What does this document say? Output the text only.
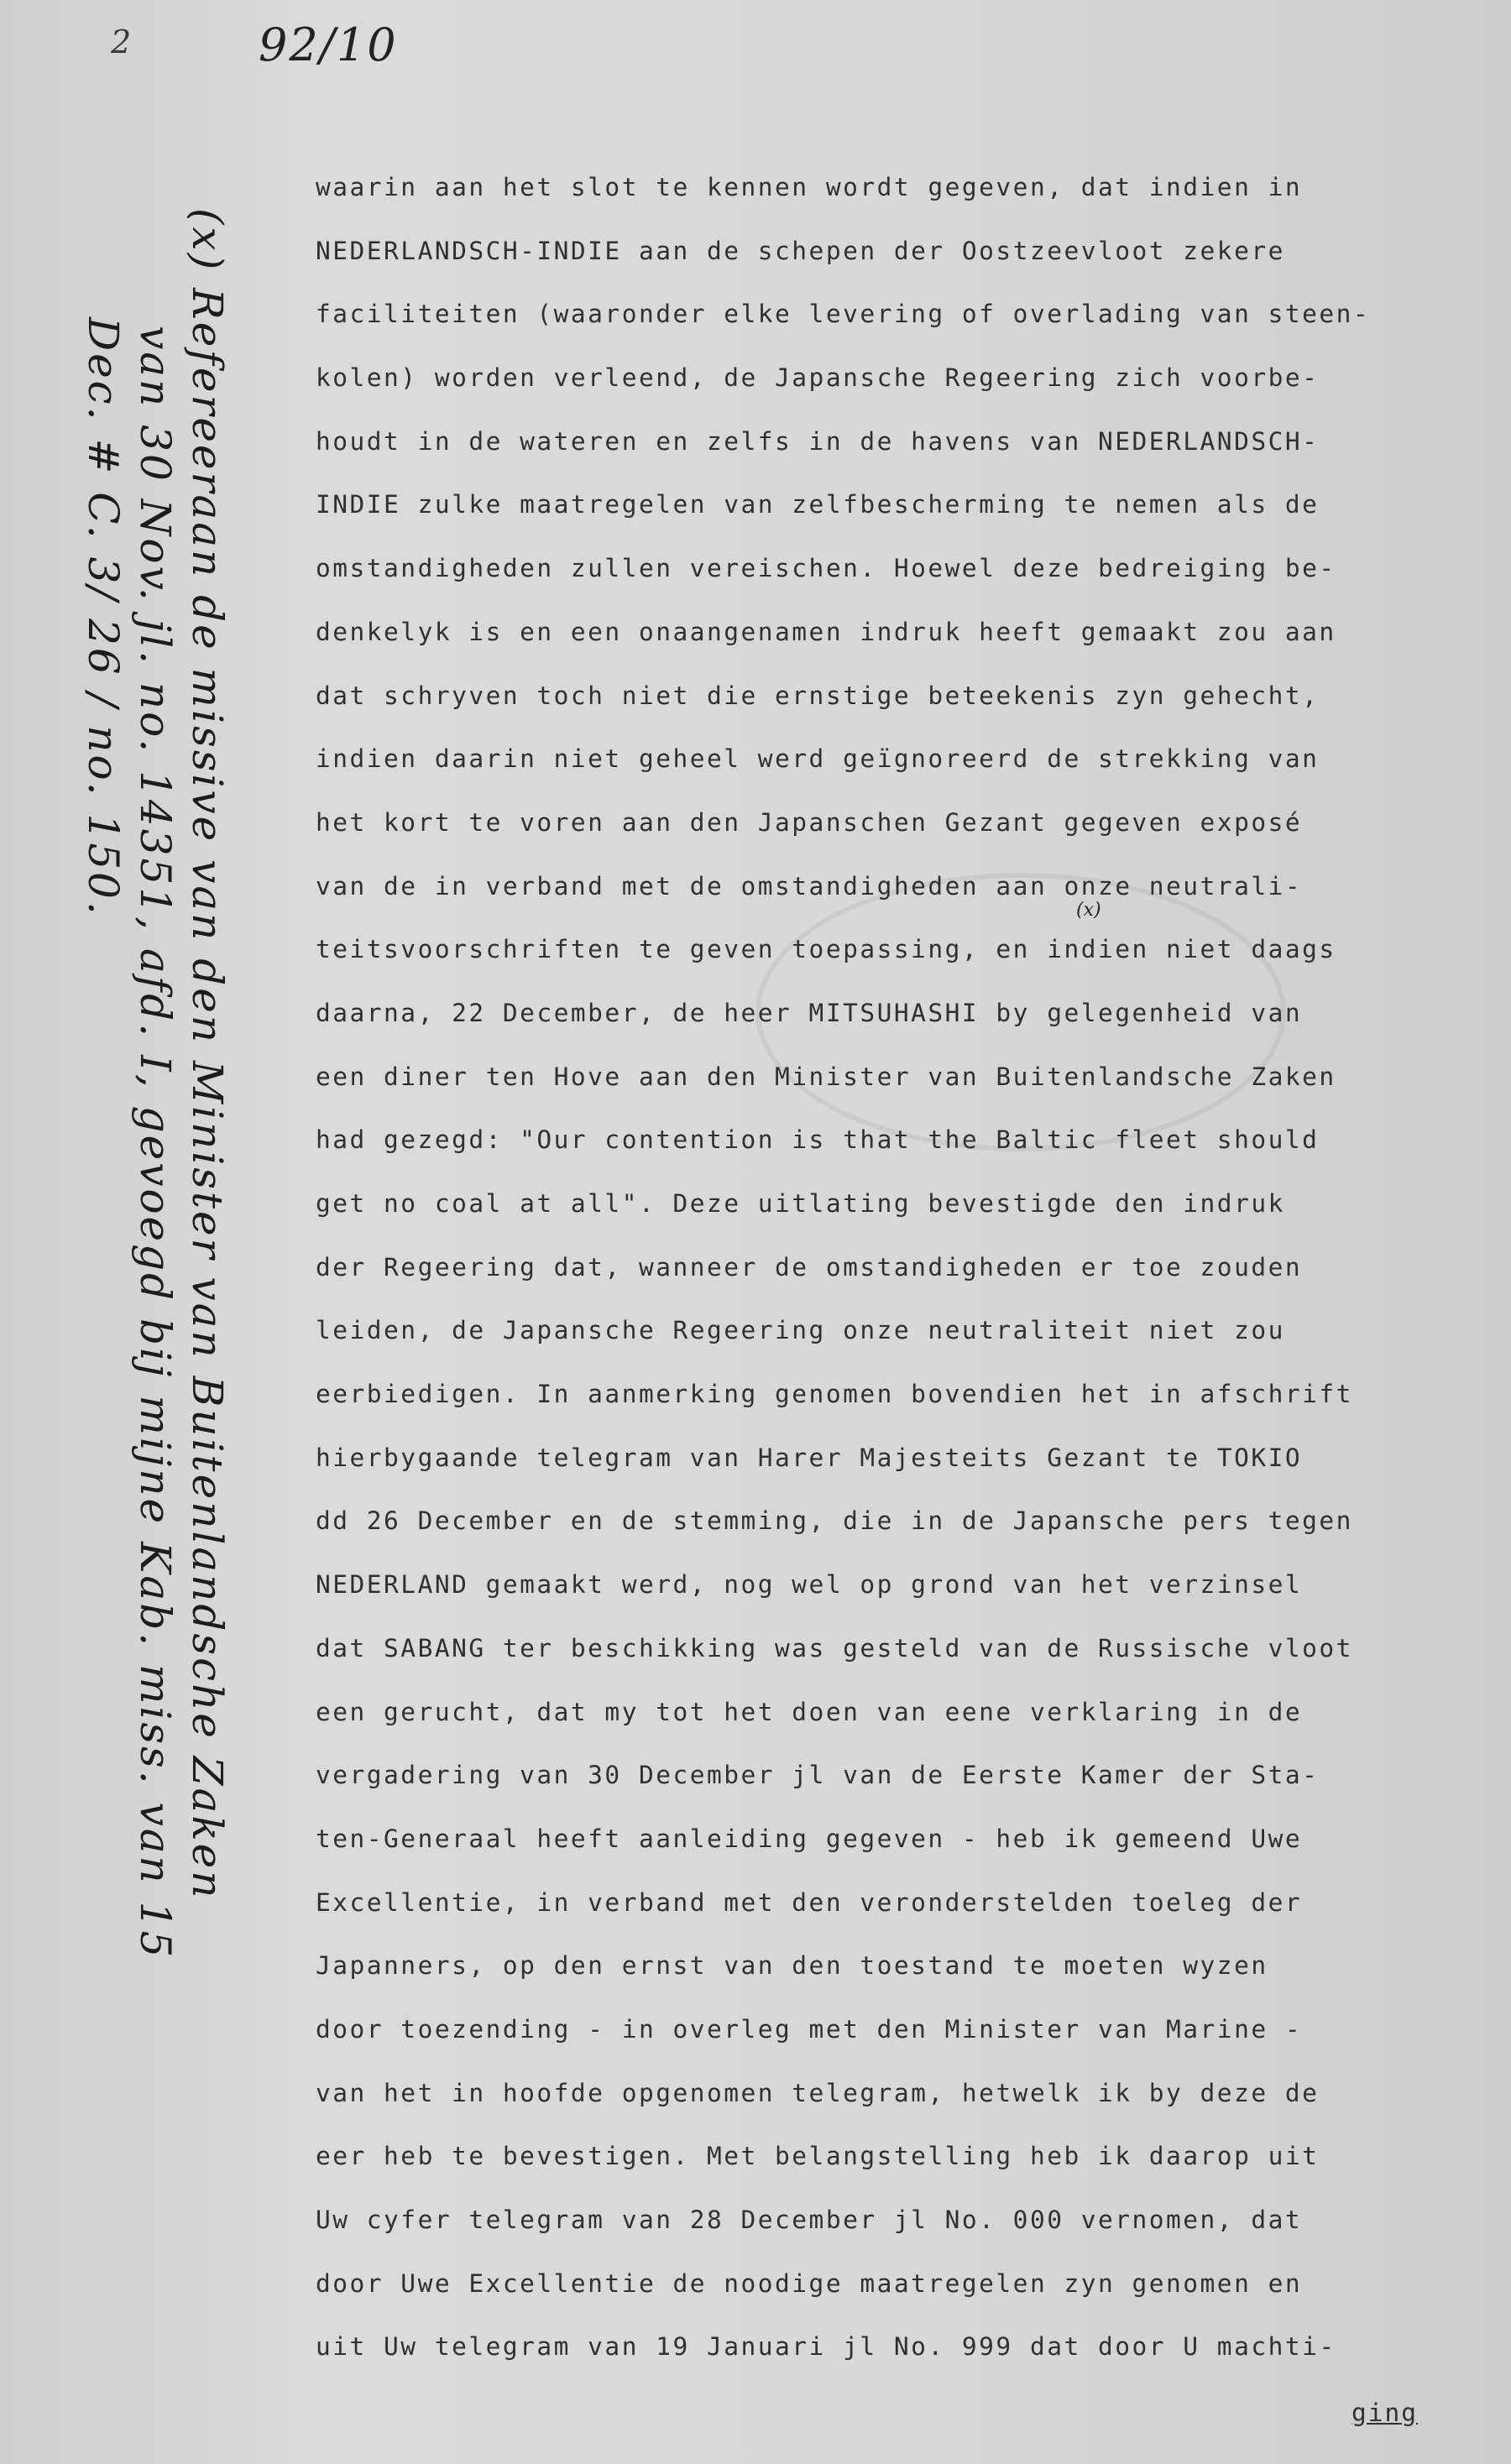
2	92/10
(x) Refereeraan de missive van den Minister van Buitenlandsche Zaken
van 30 Nov. jl. no. 14351, afd. I, gevoegd bij mijne Kab. miss. van 15
Dec. # C. 3/ 26 / no. 150.
waarin aan het slot te kennen wordt gegeven, dat indien in
NEDERLANDSCH-INDIE aan de schepen der Oostzeevloot zekere
faciliteiten (waaronder elke levering of overlading van steen-
kolen) worden verleend, de Japansche Regeering zich voorbe-
houdt in de wateren en zelfs in de havens van NEDERLANDSCH-
INDIE zulke maatregelen van zelfbescherming te nemen als de
omstandigheden zullen vereischen. Hoewel deze bedreiging be-
denkelyk is en een onaangenamen indruk heeft gemaakt zou aan
dat schryven toch niet die ernstige beteekenis zyn gehecht,
indien daarin niet geheel werd geïgnoreerd de strekking van
het kort te voren aan den Japanschen Gezant gegeven exposé
van de in verband met de omstandigheden aan onze neutrali-
teitsvoorschriften te geven toepassing, en indien niet daags
daarna, 22 December, de heer MITSUHASHI by gelegenheid van
een diner ten Hove aan den Minister van Buitenlandsche Zaken
had gezegd: "Our contention is that the Baltic fleet should
get no coal at all". Deze uitlating bevestigde den indruk
der Regeering dat, wanneer de omstandigheden er toe zouden
leiden, de Japansche Regeering onze neutraliteit niet zou
eerbiedigen. In aanmerking genomen bovendien het in afschrift
hierbygaande telegram van Harer Majesteits Gezant te TOKIO
dd 26 December en de stemming, die in de Japansche pers tegen
NEDERLAND gemaakt werd, nog wel op grond van het verzinsel
dat SABANG ter beschikking was gesteld van de Russische vloot
een gerucht, dat my tot het doen van eene verklaring in de
vergadering van 30 December jl van de Eerste Kamer der Sta-
ten-Generaal heeft aanleiding gegeven - heb ik gemeend Uwe
Excellentie, in verband met den veronderstelden toeleg der
Japanners, op den ernst van den toestand te moeten wyzen
door toezending - in overleg met den Minister van Marine -
van het in hoofde opgenomen telegram, hetwelk ik by deze de
eer heb te bevestigen. Met belangstelling heb ik daarop uit
Uw cyfer telegram van 28 December jl No. 000 vernomen, dat
door Uwe Excellentie de noodige maatregelen zyn genomen en
uit Uw telegram van 19 Januari jl No. 999 dat door U machti-
(x)
ging
